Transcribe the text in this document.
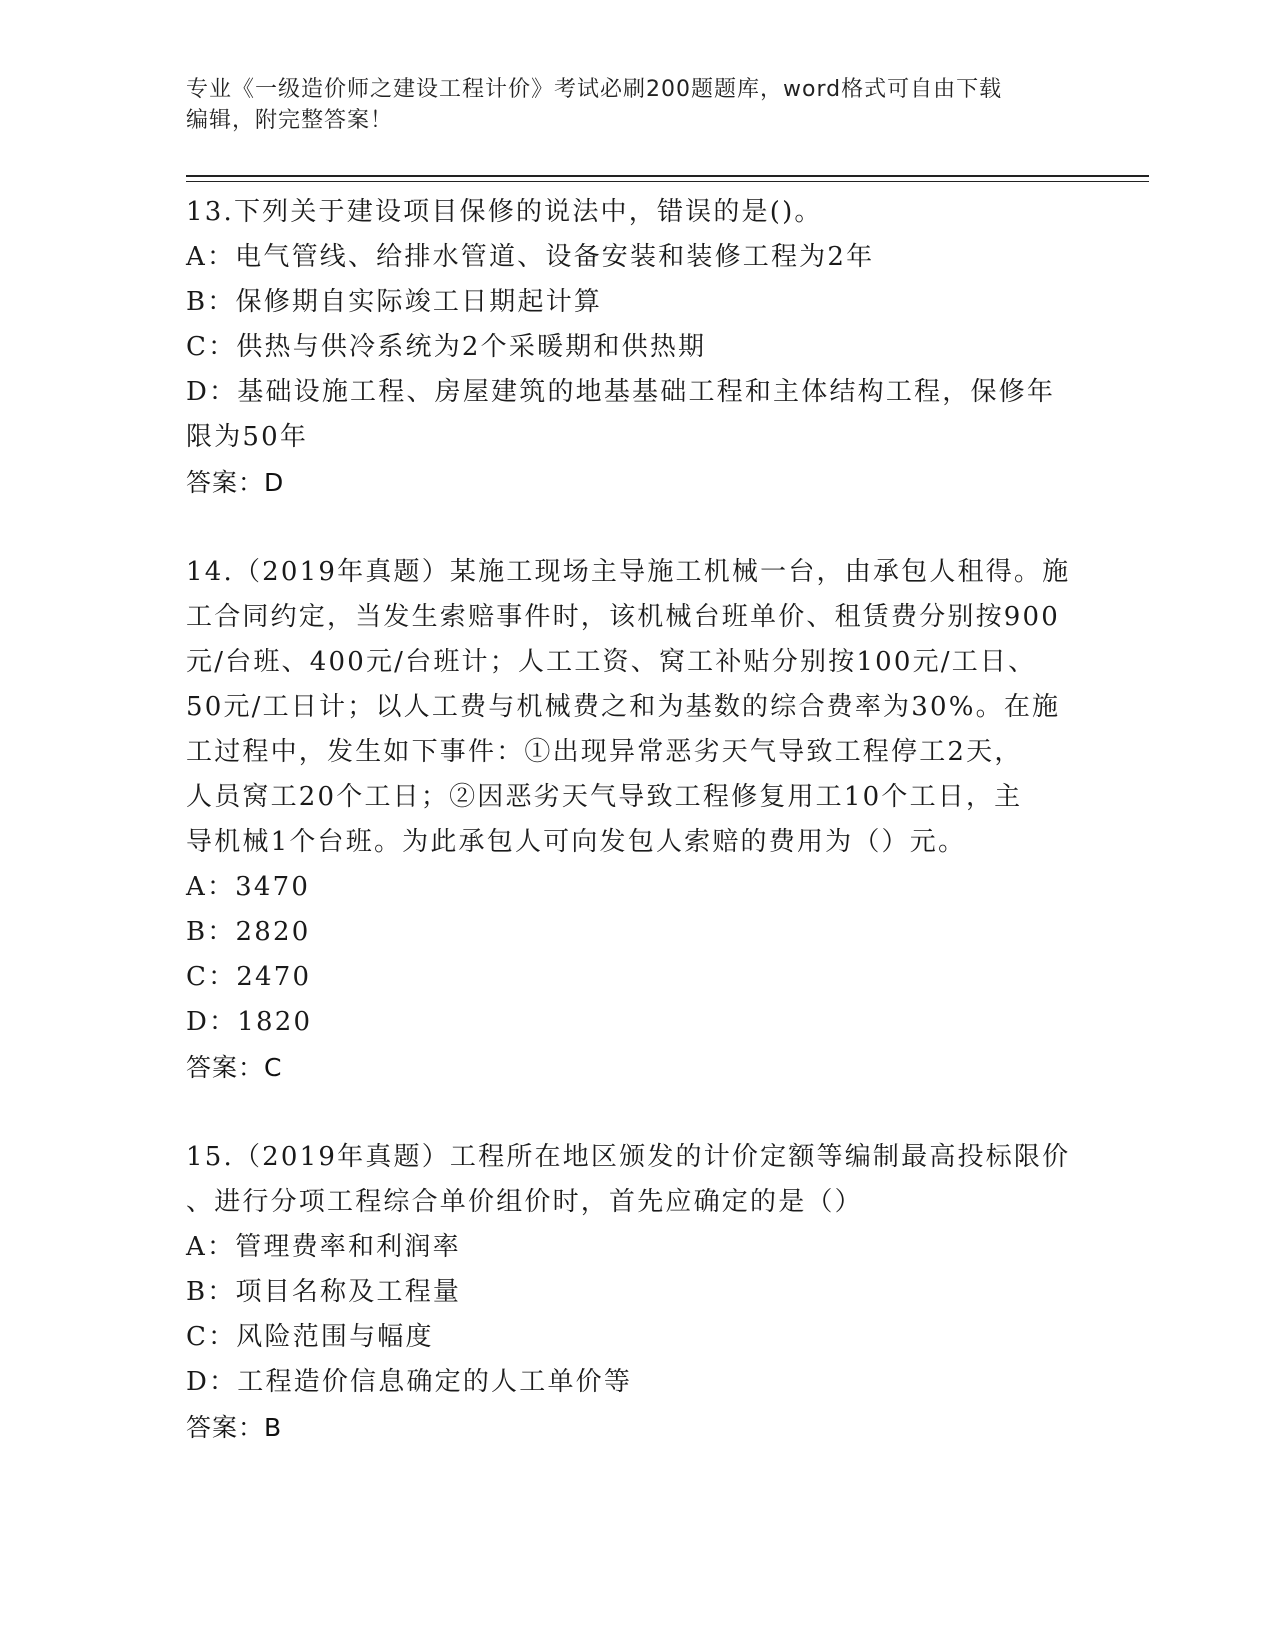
专业《一级造价师之建设工程计价》考试必刷200题题库，word格式可自由下载
编辑，附完整答案！
13.下列关于建设项目保修的说法中，错误的是()。
A：电气管线、给排水管道、设备安装和装修工程为2年
B：保修期自实际竣工日期起计算
C：供热与供冷系统为2个采暖期和供热期
D：基础设施工程、房屋建筑的地基基础工程和主体结构工程，保修年
限为50年
答案：D
14.（2019年真题）某施工现场主导施工机械一台，由承包人租得。施
工合同约定，当发生索赔事件时，该机械台班单价、租赁费分别按900
元/台班、400元/台班计；人工工资、窝工补贴分别按100元/工日、
50元/工日计；以人工费与机械费之和为基数的综合费率为30%。在施
工过程中，发生如下事件：①出现异常恶劣天气导致工程停工2天，
人员窝工20个工日；②因恶劣天气导致工程修复用工10个工日，主
导机械1个台班。为此承包人可向发包人索赔的费用为（）元。
A：3470
B：2820
C：2470
D：1820
答案：C
15.（2019年真题）工程所在地区颁发的计价定额等编制最高投标限价
、进行分项工程综合单价组价时，首先应确定的是（）
A：管理费率和利润率
B：项目名称及工程量
C：风险范围与幅度
D：工程造价信息确定的人工单价等
答案：B
